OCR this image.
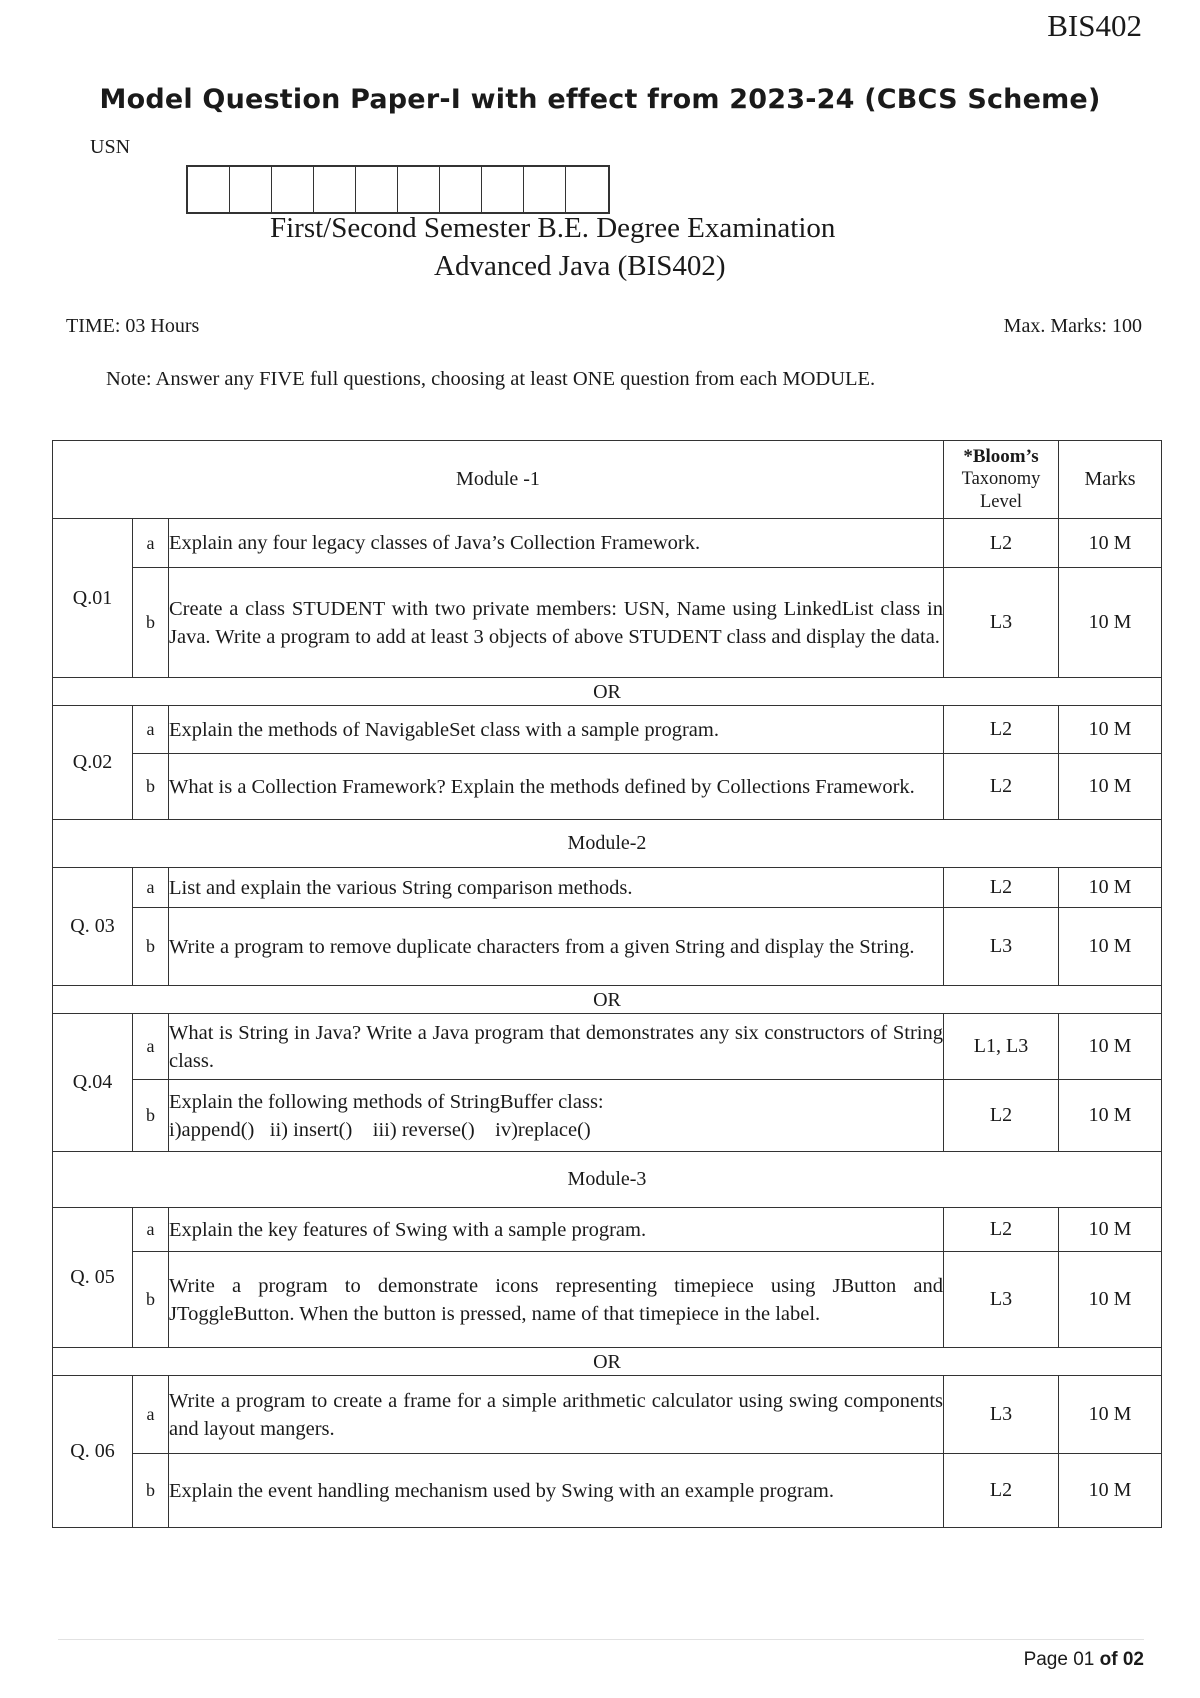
BIS402
Model Question Paper-I with effect from 2023-24 (CBCS Scheme)
USN
First/Second Semester B.E. Degree Examination
Advanced Java (BIS402)
TIME: 03 Hours	Max. Marks: 100
Note: Answer any FIVE full questions, choosing at least ONE question from each MODULE.
Module -1			*Bloom’s
Taxonomy
Level	Marks
Q.01	a	Explain any four legacy classes of Java’s Collection Framework.	L2	10 M
	b	Create a class STUDENT with two private members: USN, Name using LinkedList class in Java. Write a program to add at least 3 objects of above STUDENT class and display the data.	L3	10 M
OR				
Q.02	a	Explain the methods of NavigableSet class with a sample program.	L2	10 M
	b	What is a Collection Framework? Explain the methods defined by Collections Framework.	L2	10 M
Module-2				
Q. 03	a	List and explain the various String comparison methods.	L2	10 M
	b	Write a program to remove duplicate characters from a given String and display the String.	L3	10 M
OR				
Q.04	a	What is String in Java? Write a Java program that demonstrates any six constructors of String class.	L1, L3	10 M
	b	Explain the following methods of StringBuffer class:
i)append()   ii) insert()    iii) reverse()    iv)replace()	L2	10 M
Module-3				
Q. 05	a	Explain the key features of Swing with a sample program.	L2	10 M
	b	Write a program to demonstrate icons representing timepiece using JButton and JToggleButton. When the button is pressed, name of that timepiece in the label.	L3	10 M
OR				
Q. 06	a	Write a program to create a frame for a simple arithmetic calculator using swing components and layout mangers.	L3	10 M
	b	Explain the event handling mechanism used by Swing with an example program.	L2	10 M
Page 01 of 02
